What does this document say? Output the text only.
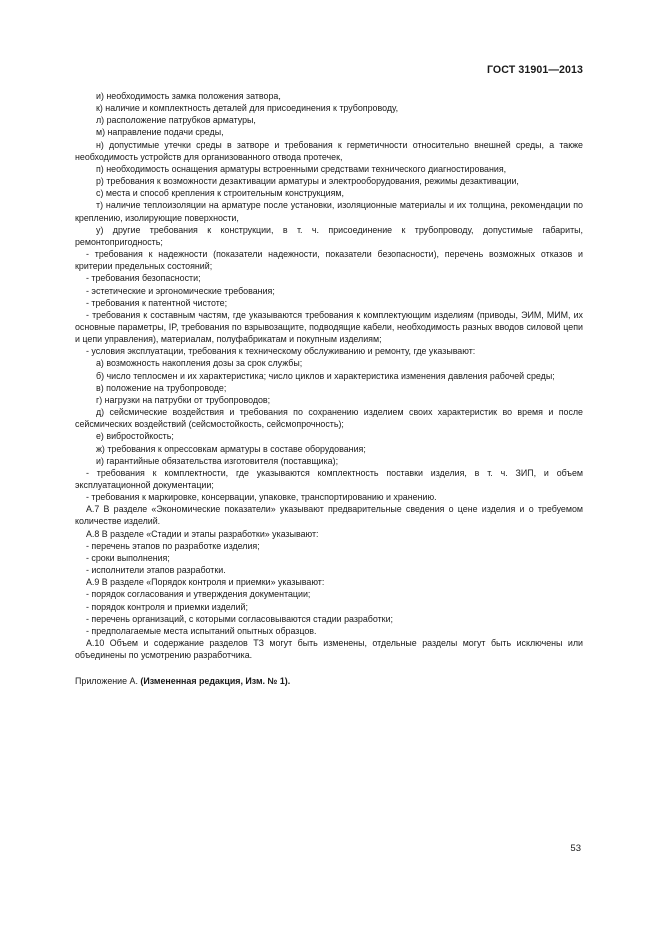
ГОСТ 31901—2013

и) необходимость замка положения затвора,

к) наличие и комплектность деталей для присоединения к трубопроводу,

л) расположение патрубков арматуры,

м) направление подачи среды,

н) допустимые утечки среды в затворе и требования к герметичности относительно внешней среды, а также необходимость устройств для организованного отвода протечек,

п) необходимость оснащения арматуры встроенными средствами технического диагностирования,

р) требования к возможности дезактивации арматуры и электрооборудования, режимы дезактивации,

с) места и способ крепления к строительным конструкциям,

т) наличие теплоизоляции на арматуре после установки, изоляционные материалы и их толщина, рекомендации по креплению, изолирующие поверхности,

у) другие требования к конструкции, в т. ч. присоединение к трубопроводу, допустимые габариты, ремонтопригодность;

- требования к надежности (показатели надежности, показатели безопасности), перечень возможных отказов и критерии предельных состояний;

- требования безопасности;

- эстетические и эргономические требования;

- требования к патентной чистоте;

- требования к составным частям, где указываются требования к комплектующим изделиям (приводы, ЭИМ, МИМ, их основные параметры, IP, требования по взрывозащите, подводящие кабели, необходимость разных вводов силовой цепи и цепи управления), материалам, полуфабрикатам и покупным изделиям;

- условия эксплуатации, требования к техническому обслуживанию и ремонту, где указывают:

а) возможность накопления дозы за срок службы;

б) число теплосмен и их характеристика; число циклов и характеристика изменения давления рабочей среды;

в) положение на трубопроводе;

г) нагрузки на патрубки от трубопроводов;

д) сейсмические воздействия и требования по сохранению изделием своих характеристик во время и после сейсмических воздействий (сейсмостойкость, сейсмопрочность);

е) вибростойкость;

ж) требования к опрессовкам арматуры в составе оборудования;

и) гарантийные обязательства изготовителя (поставщика);

- требования к комплектности, где указываются комплектность поставки изделия, в т. ч. ЗИП, и объем эксплуатационной документации;

- требования к маркировке, консервации, упаковке, транспортированию и хранению.

А.7 В разделе «Экономические показатели» указывают предварительные сведения о цене изделия и о требуемом количестве изделий.

А.8 В разделе «Стадии и этапы разработки» указывают:

- перечень этапов по разработке изделия;

- сроки выполнения;

- исполнители этапов разработки.

А.9 В разделе «Порядок контроля и приемки» указывают:

- порядок согласования и утверждения документации;

- порядок контроля и приемки изделий;

- перечень организаций, с которыми согласовываются стадии разработки;

- предполагаемые места испытаний опытных образцов.

А.10 Объем и содержание разделов ТЗ могут быть изменены, отдельные разделы могут быть исключены или объединены по усмотрению разработчика.

Приложение А. (Измененная редакция, Изм. № 1).

53
